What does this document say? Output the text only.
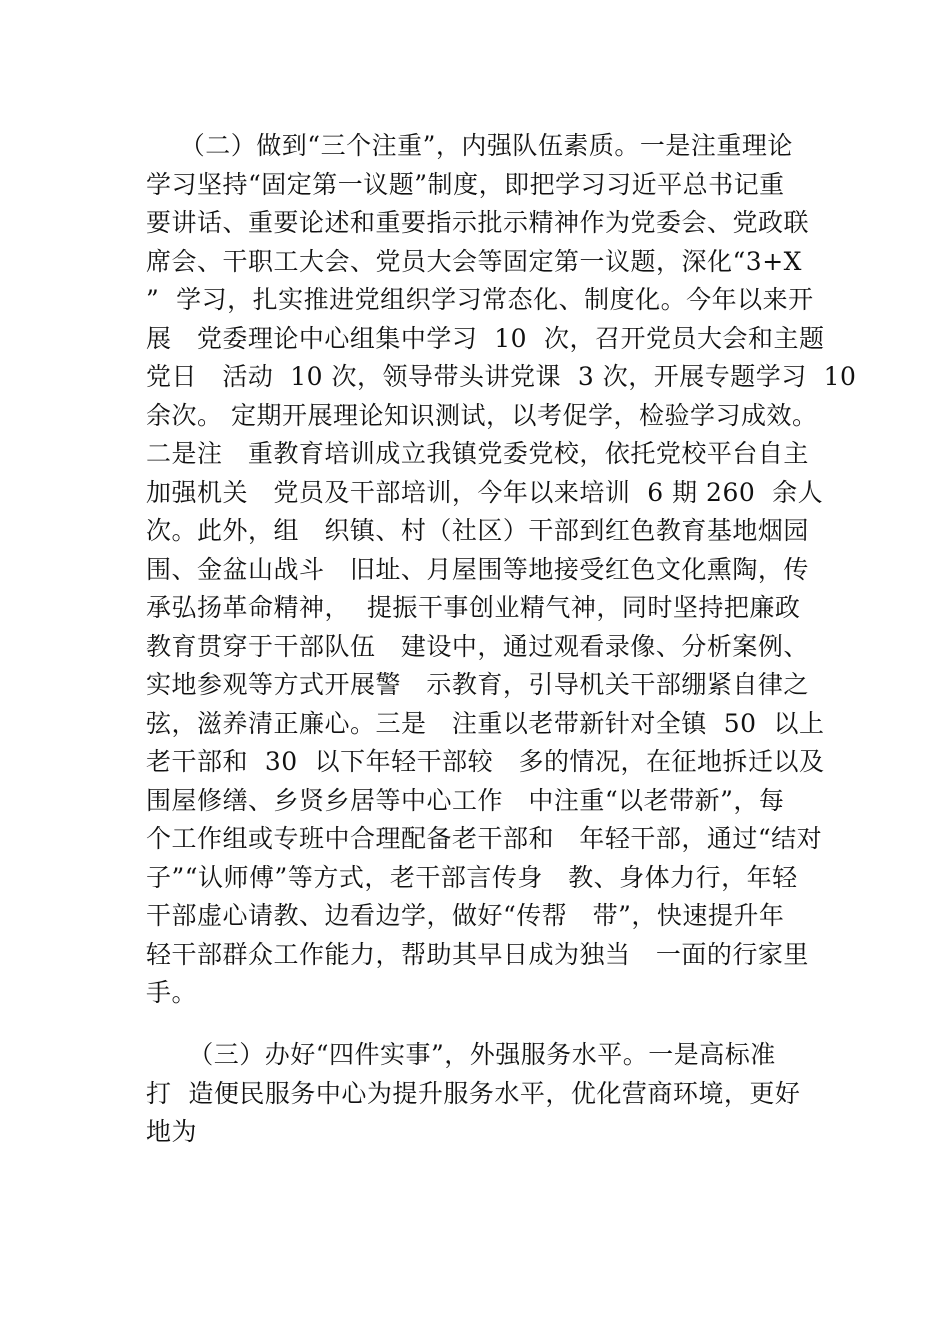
（二）做到“三个注重”，内强队伍素质。一是注重理论
学习坚持“固定第一议题”制度，即把学习习近平总书记重
要讲话、重要论述和重要指示批示精神作为党委会、党政联
席会、干职工大会、党员大会等固定第一议题，深化“3+X
”  学习，扎实推进党组织学习常态化、制度化。今年以来开
展   党委理论中心组集中学习  10  次，召开党员大会和主题
党日   活动  10 次，领导带头讲党课  3 次，开展专题学习  10
余次。 定期开展理论知识测试，以考促学，检验学习成效。
二是注   重教育培训成立我镇党委党校，依托党校平台自主
加强机关   党员及干部培训，今年以来培训  6 期 260  余人
次。此外，组   织镇、村（社区）干部到红色教育基地烟园
围、金盆山战斗   旧址、月屋围等地接受红色文化熏陶，传
承弘扬革命精神，  提振干事创业精气神，同时坚持把廉政
教育贯穿于干部队伍   建设中，通过观看录像、分析案例、
实地参观等方式开展警   示教育，引导机关干部绷紧自律之
弦，滋养清正廉心。三是   注重以老带新针对全镇  50  以上
老干部和  30  以下年轻干部较   多的情况，在征地拆迁以及
围屋修缮、乡贤乡居等中心工作   中注重“以老带新”，每
个工作组或专班中合理配备老干部和   年轻干部，通过“结对
子”“认师傅”等方式，老干部言传身   教、身体力行，年轻
干部虚心请教、边看边学，做好“传帮   带”，快速提升年
轻干部群众工作能力，帮助其早日成为独当   一面的行家里
手。
（三）办好“四件实事”，外强服务水平。一是高标准
打  造便民服务中心为提升服务水平，优化营商环境，更好
地为
